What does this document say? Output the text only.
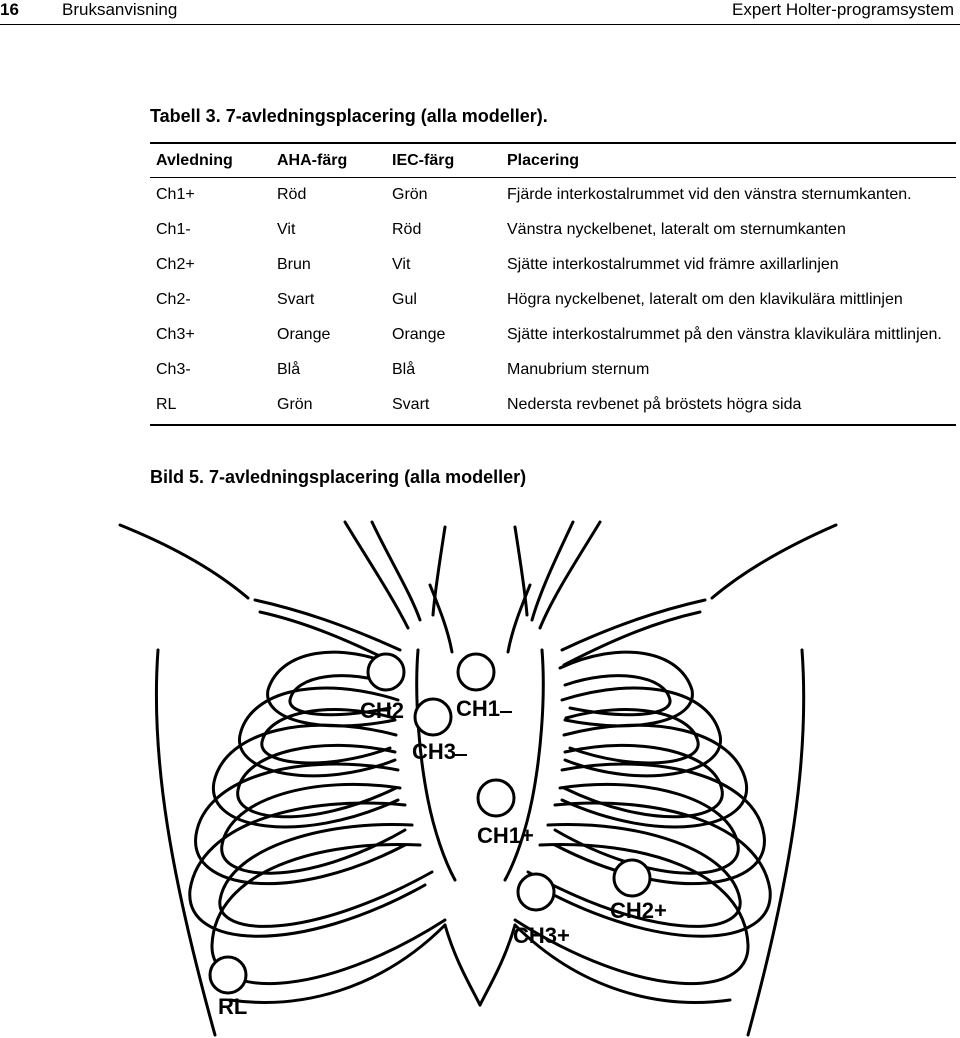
16	Bruksanvisning	Expert Holter-programsystem
Tabell 3. 7-avledningsplacering (alla modeller).
Avledning	AHA-färg	IEC-färg	Placering
Ch1+	Röd	Grön	Fjärde interkostalrummet vid den vänstra sternumkanten.
Ch1-	Vit	Röd	Vänstra nyckelbenet, lateralt om sternumkanten
Ch2+	Brun	Vit	Sjätte interkostalrummet vid främre axillarlinjen
Ch2-	Svart	Gul	Högra nyckelbenet, lateralt om den klavikulära mittlinjen
Ch3+	Orange	Orange	Sjätte interkostalrummet på den vänstra klavikulära mittlinjen.
Ch3-	Blå	Blå	Manubrium sternum
RL	Grön	Svart	Nedersta revbenet på bröstets högra sida
Bild 5. 7-avledningsplacering (alla modeller)
CH2 CH1
CH3
CH1+
CH2+
CH3+
RL
